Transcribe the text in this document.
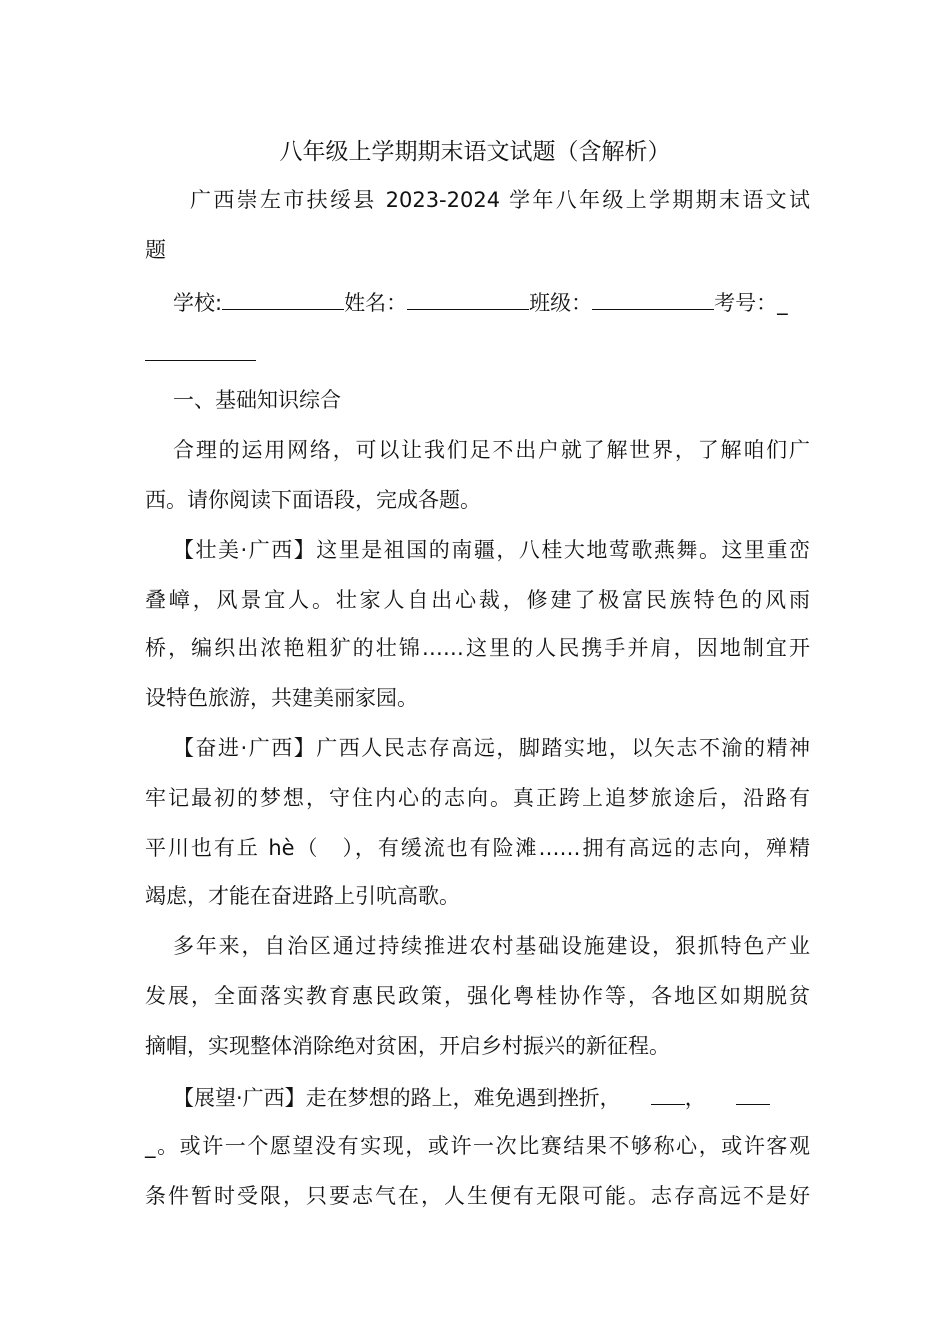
八年级上学期期末语文试题（含解析）
广西崇左市扶绥县 2023-2024 学年八年级上学期期末语文试
题
学校:	姓名：	班级：	考号：_
一、基础知识综合
合理的运用网络，可以让我们足不出户就了解世界，了解咱们广
西。请你阅读下面语段，完成各题。
【壮美·广西】这里是祖国的南疆，八桂大地莺歌燕舞。这里重峦
叠嶂，风景宜人。壮家人自出心裁，修建了极富民族特色的风雨
桥，编织出浓艳粗犷的壮锦……这里的人民携手并肩，因地制宜开
设特色旅游，共建美丽家园。
【奋进·广西】广西人民志存高远，脚踏实地，以矢志不渝的精神
牢记最初的梦想，守住内心的志向。真正跨上追梦旅途后，沿路有
平川也有丘 hè（　），有缓流也有险滩……拥有高远的志向，殚精
竭虑，才能在奋进路上引吭高歌。
多年来，自治区通过持续推进农村基础设施建设，狠抓特色产业
发展，全面落实教育惠民政策，强化粤桂协作等，各地区如期脱贫
摘帽，实现整体消除绝对贫困，开启乡村振兴的新征程。
【展望·广西】走在梦想的路上，难免遇到挫折，	，
_。或许一个愿望没有实现，或许一次比赛结果不够称心，或许客观
条件暂时受限，只要志气在，人生便有无限可能。志存高远不是好
